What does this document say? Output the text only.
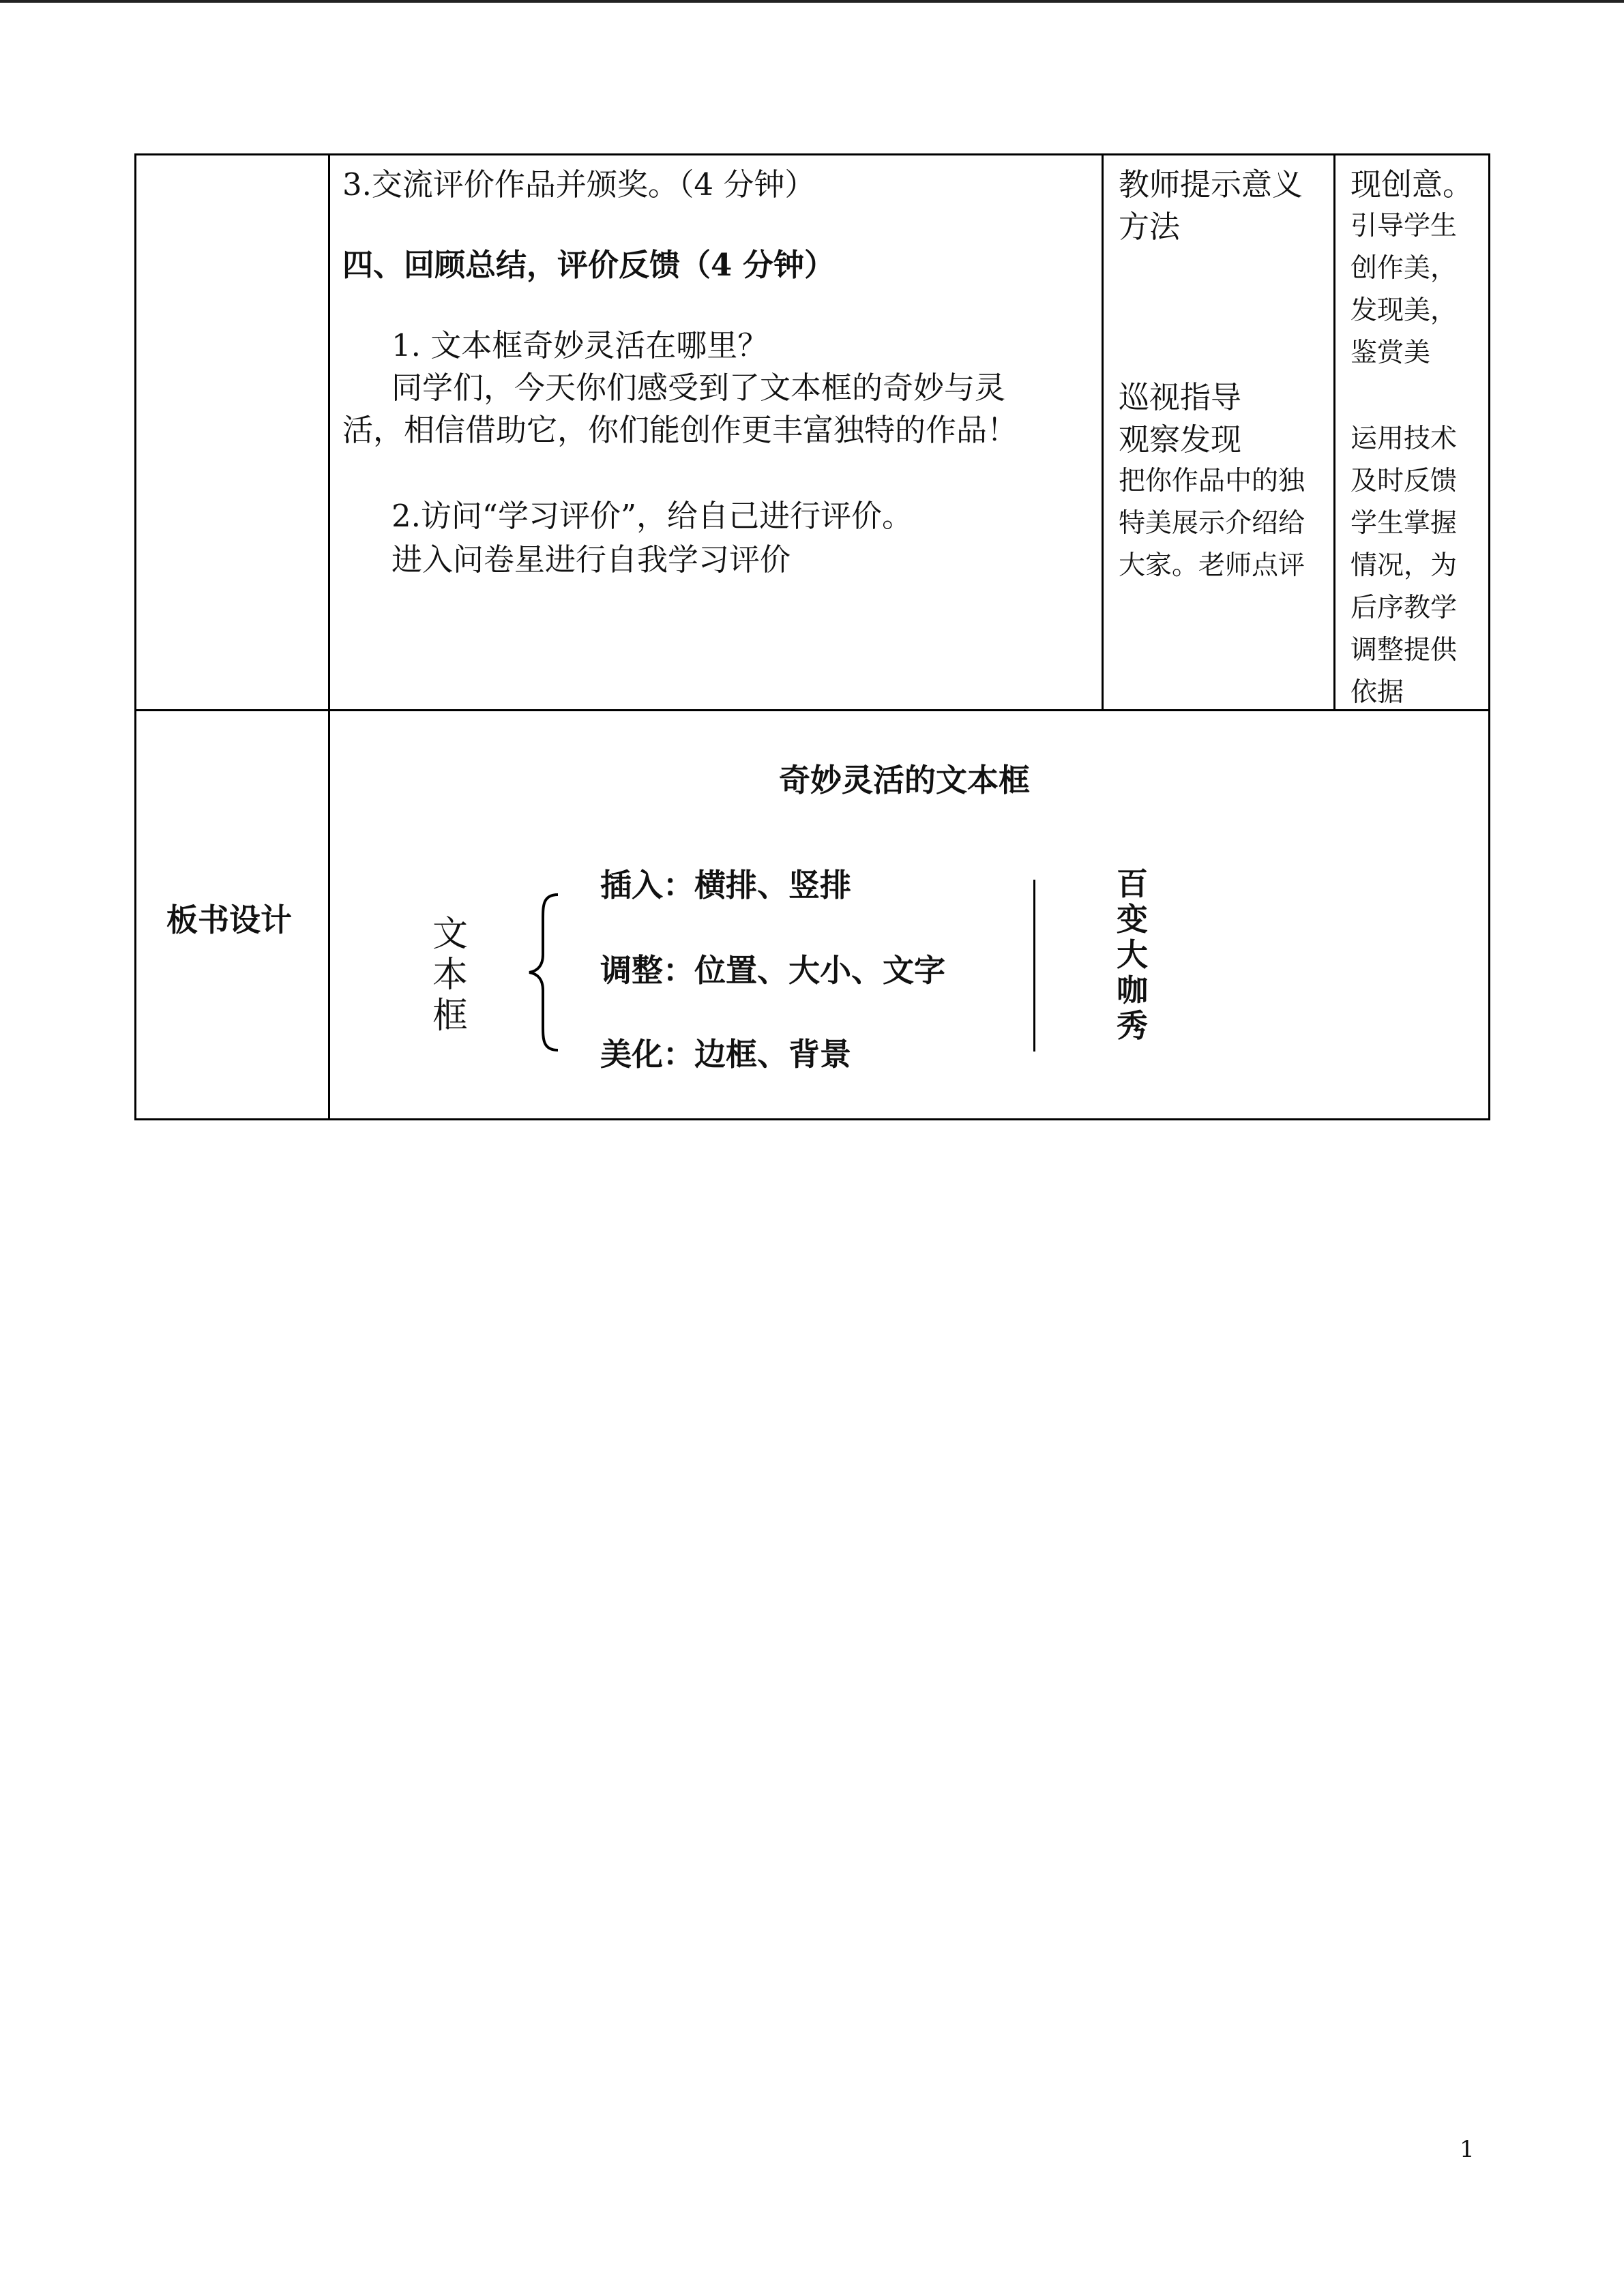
3.交流评价作品并颁奖。（4 分钟）
四、回顾总结，评价反馈（4 分钟）
1. 文本框奇妙灵活在哪里？
同学们，今天你们感受到了文本框的奇妙与灵
活，相信借助它，你们能创作更丰富独特的作品！
2.访问“学习评价”，给自己进行评价。
进入问卷星进行自我学习评价
教师提示意义
方法
巡视指导
观察发现
把你作品中的独
特美展示介绍给
大家。老师点评
现创意。
引导学生
创作美，
发现美，
鉴赏美
运用技术
及时反馈
学生掌握
情况，为
后序教学
调整提供
依据
板书设计
奇妙灵活的文本框
文
本
框
插入：横排、竖排
调整：位置、大小、文字
美化：边框、背景
百
变
大
咖
秀
1
